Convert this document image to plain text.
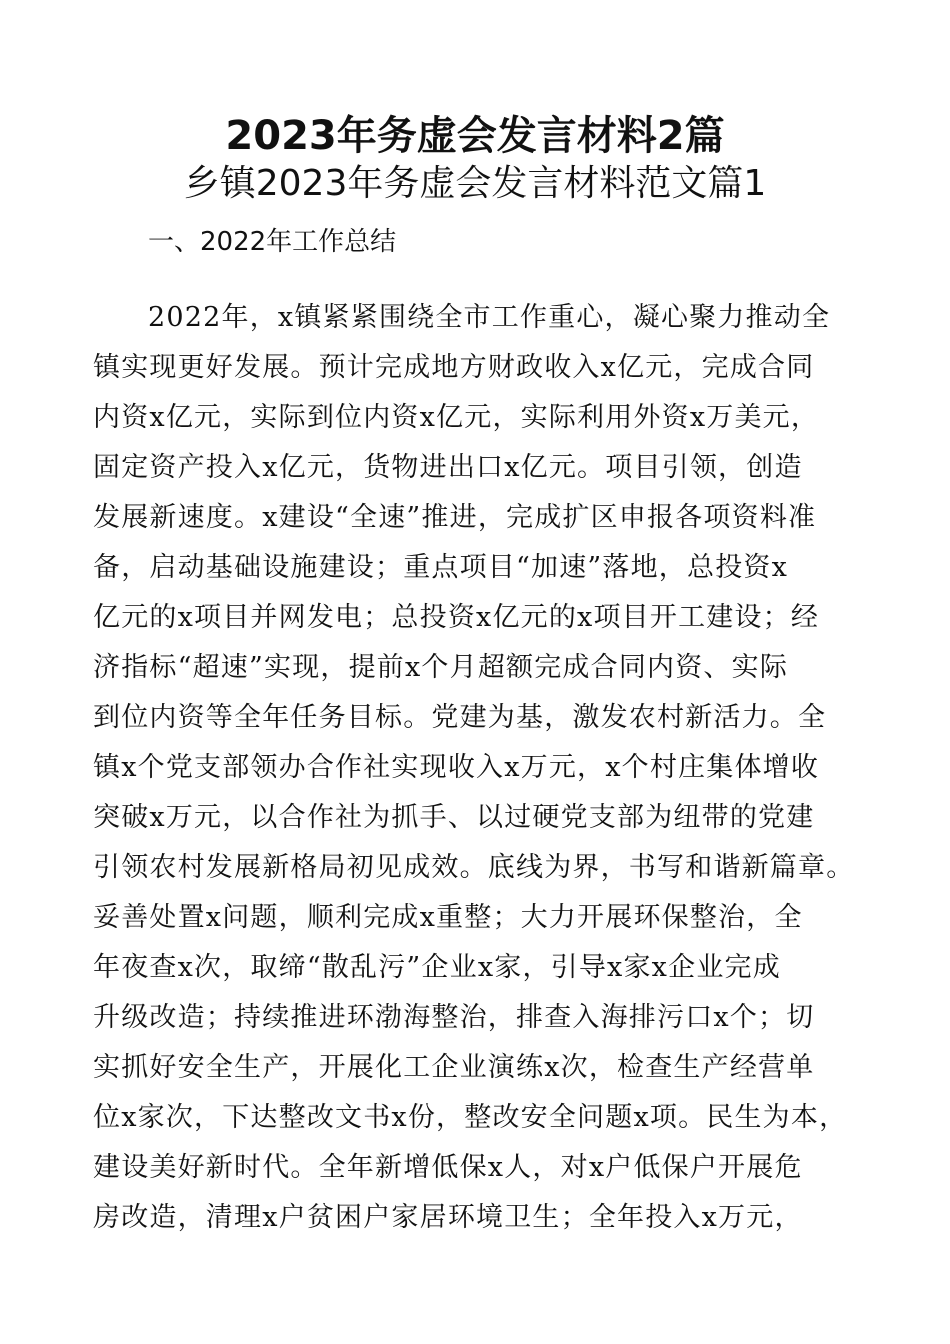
2023年务虚会发言材料2篇
乡镇2023年务虚会发言材料范文篇1
一、2022年工作总结
2022年，x镇紧紧围绕全市工作重心，凝心聚力推动全
镇实现更好发展。预计完成地方财政收入x亿元，完成合同
内资x亿元，实际到位内资x亿元，实际利用外资x万美元，
固定资产投入x亿元，货物进出口x亿元。项目引领，创造
发展新速度。x建设“全速”推进，完成扩区申报各项资料准
备，启动基础设施建设；重点项目“加速”落地，总投资x
亿元的x项目并网发电；总投资x亿元的x项目开工建设；经
济指标“超速”实现，提前x个月超额完成合同内资、实际
到位内资等全年任务目标。党建为基，激发农村新活力。全
镇x个党支部领办合作社实现收入x万元，x个村庄集体增收
突破x万元，以合作社为抓手、以过硬党支部为纽带的党建
引领农村发展新格局初见成效。底线为界，书写和谐新篇章。
妥善处置x问题，顺利完成x重整；大力开展环保整治，全
年夜查x次，取缔“散乱污”企业x家，引导x家x企业完成
升级改造；持续推进环渤海整治，排查入海排污口x个；切
实抓好安全生产，开展化工企业演练x次，检查生产经营单
位x家次，下达整改文书x份，整改安全问题x项。民生为本，
建设美好新时代。全年新增低保x人，对x户低保户开展危
房改造，清理x户贫困户家居环境卫生；全年投入x万元，
